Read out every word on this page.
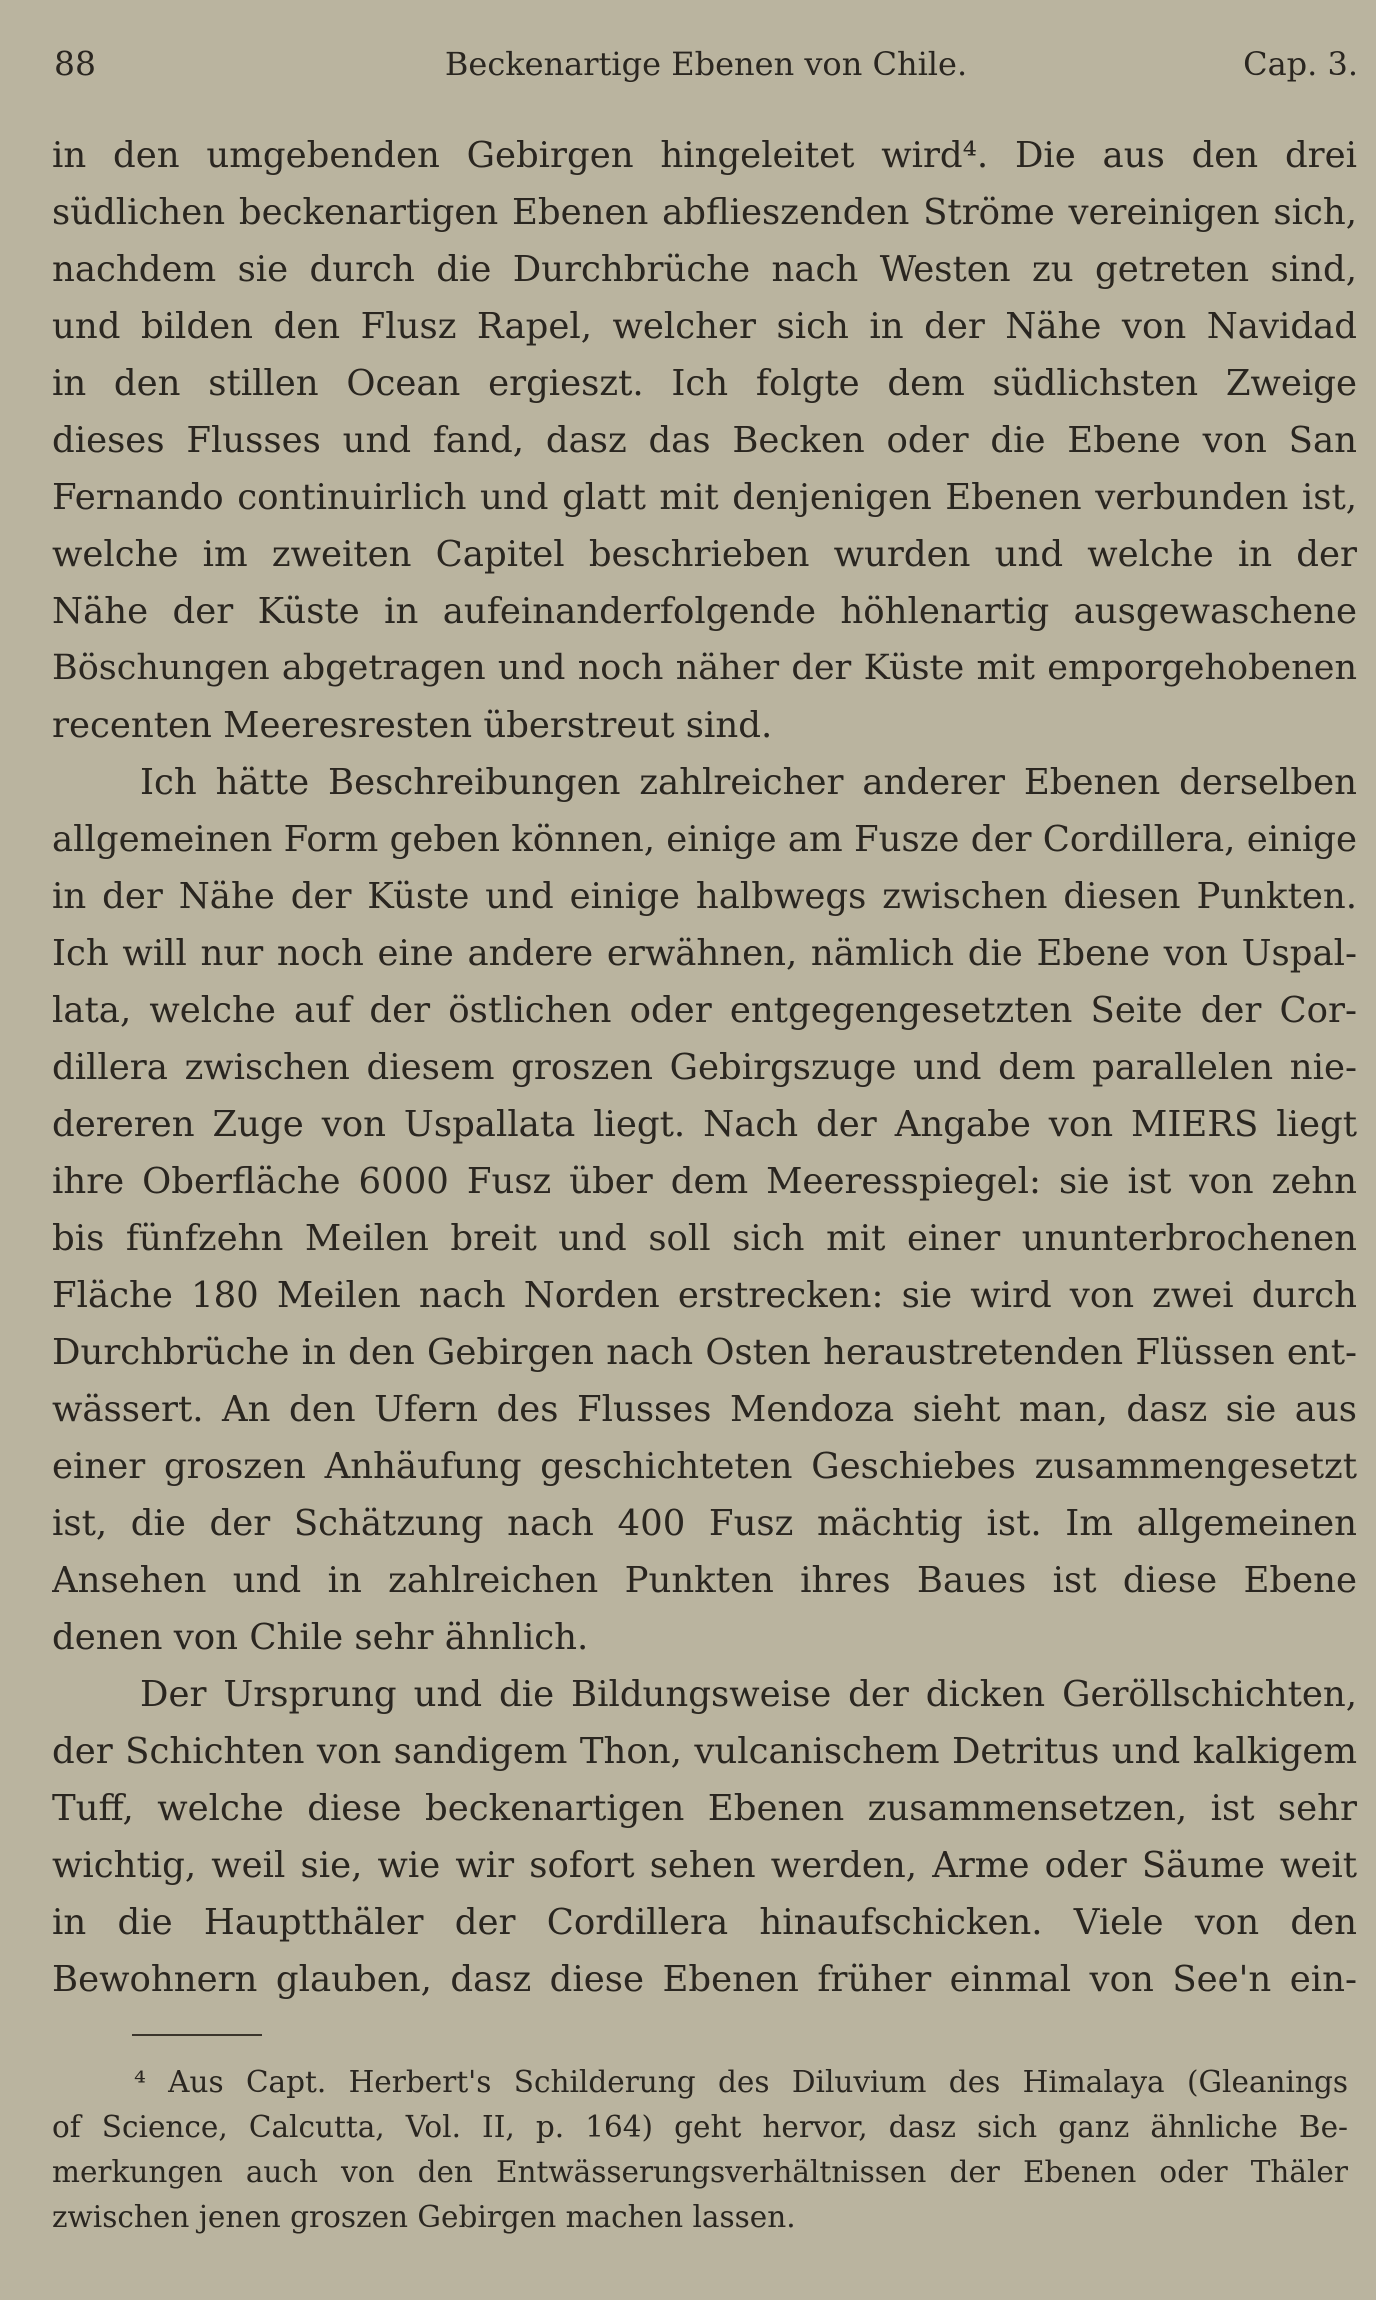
88	Beckenartige Ebenen von Chile.	Cap. 3.
in den umgebenden Gebirgen hingeleitet wird⁴. Die aus den drei
südlichen beckenartigen Ebenen abflieszenden Ströme vereinigen sich,
nachdem sie durch die Durchbrüche nach Westen zu getreten sind,
und bilden den Flusz Rapel, welcher sich in der Nähe von Navidad
in den stillen Ocean ergieszt. Ich folgte dem südlichsten Zweige
dieses Flusses und fand, dasz das Becken oder die Ebene von San
Fernando continuirlich und glatt mit denjenigen Ebenen verbunden ist,
welche im zweiten Capitel beschrieben wurden und welche in der
Nähe der Küste in aufeinanderfolgende höhlenartig ausgewaschene
Böschungen abgetragen und noch näher der Küste mit emporgehobenen
recenten Meeresresten überstreut sind.
Ich hätte Beschreibungen zahlreicher anderer Ebenen derselben
allgemeinen Form geben können, einige am Fusze der Cordillera, einige
in der Nähe der Küste und einige halbwegs zwischen diesen Punkten.
Ich will nur noch eine andere erwähnen, nämlich die Ebene von Uspal-
lata, welche auf der östlichen oder entgegengesetzten Seite der Cor-
dillera zwischen diesem groszen Gebirgszuge und dem parallelen nie-
dereren Zuge von Uspallata liegt. Nach der Angabe von MIERS liegt
ihre Oberfläche 6000 Fusz über dem Meeresspiegel: sie ist von zehn
bis fünfzehn Meilen breit und soll sich mit einer ununterbrochenen
Fläche 180 Meilen nach Norden erstrecken: sie wird von zwei durch
Durchbrüche in den Gebirgen nach Osten heraustretenden Flüssen ent-
wässert. An den Ufern des Flusses Mendoza sieht man, dasz sie aus
einer groszen Anhäufung geschichteten Geschiebes zusammengesetzt
ist, die der Schätzung nach 400 Fusz mächtig ist. Im allgemeinen
Ansehen und in zahlreichen Punkten ihres Baues ist diese Ebene
denen von Chile sehr ähnlich.
Der Ursprung und die Bildungsweise der dicken Geröllschichten,
der Schichten von sandigem Thon, vulcanischem Detritus und kalkigem
Tuff, welche diese beckenartigen Ebenen zusammensetzen, ist sehr
wichtig, weil sie, wie wir sofort sehen werden, Arme oder Säume weit
in die Hauptthäler der Cordillera hinaufschicken. Viele von den
Bewohnern glauben, dasz diese Ebenen früher einmal von See'n ein-
⁴ Aus Capt. Herbert's Schilderung des Diluvium des Himalaya (Gleanings
of Science, Calcutta, Vol. II, p. 164) geht hervor, dasz sich ganz ähnliche Be-
merkungen auch von den Entwässerungsverhältnissen der Ebenen oder Thäler
zwischen jenen groszen Gebirgen machen lassen.
